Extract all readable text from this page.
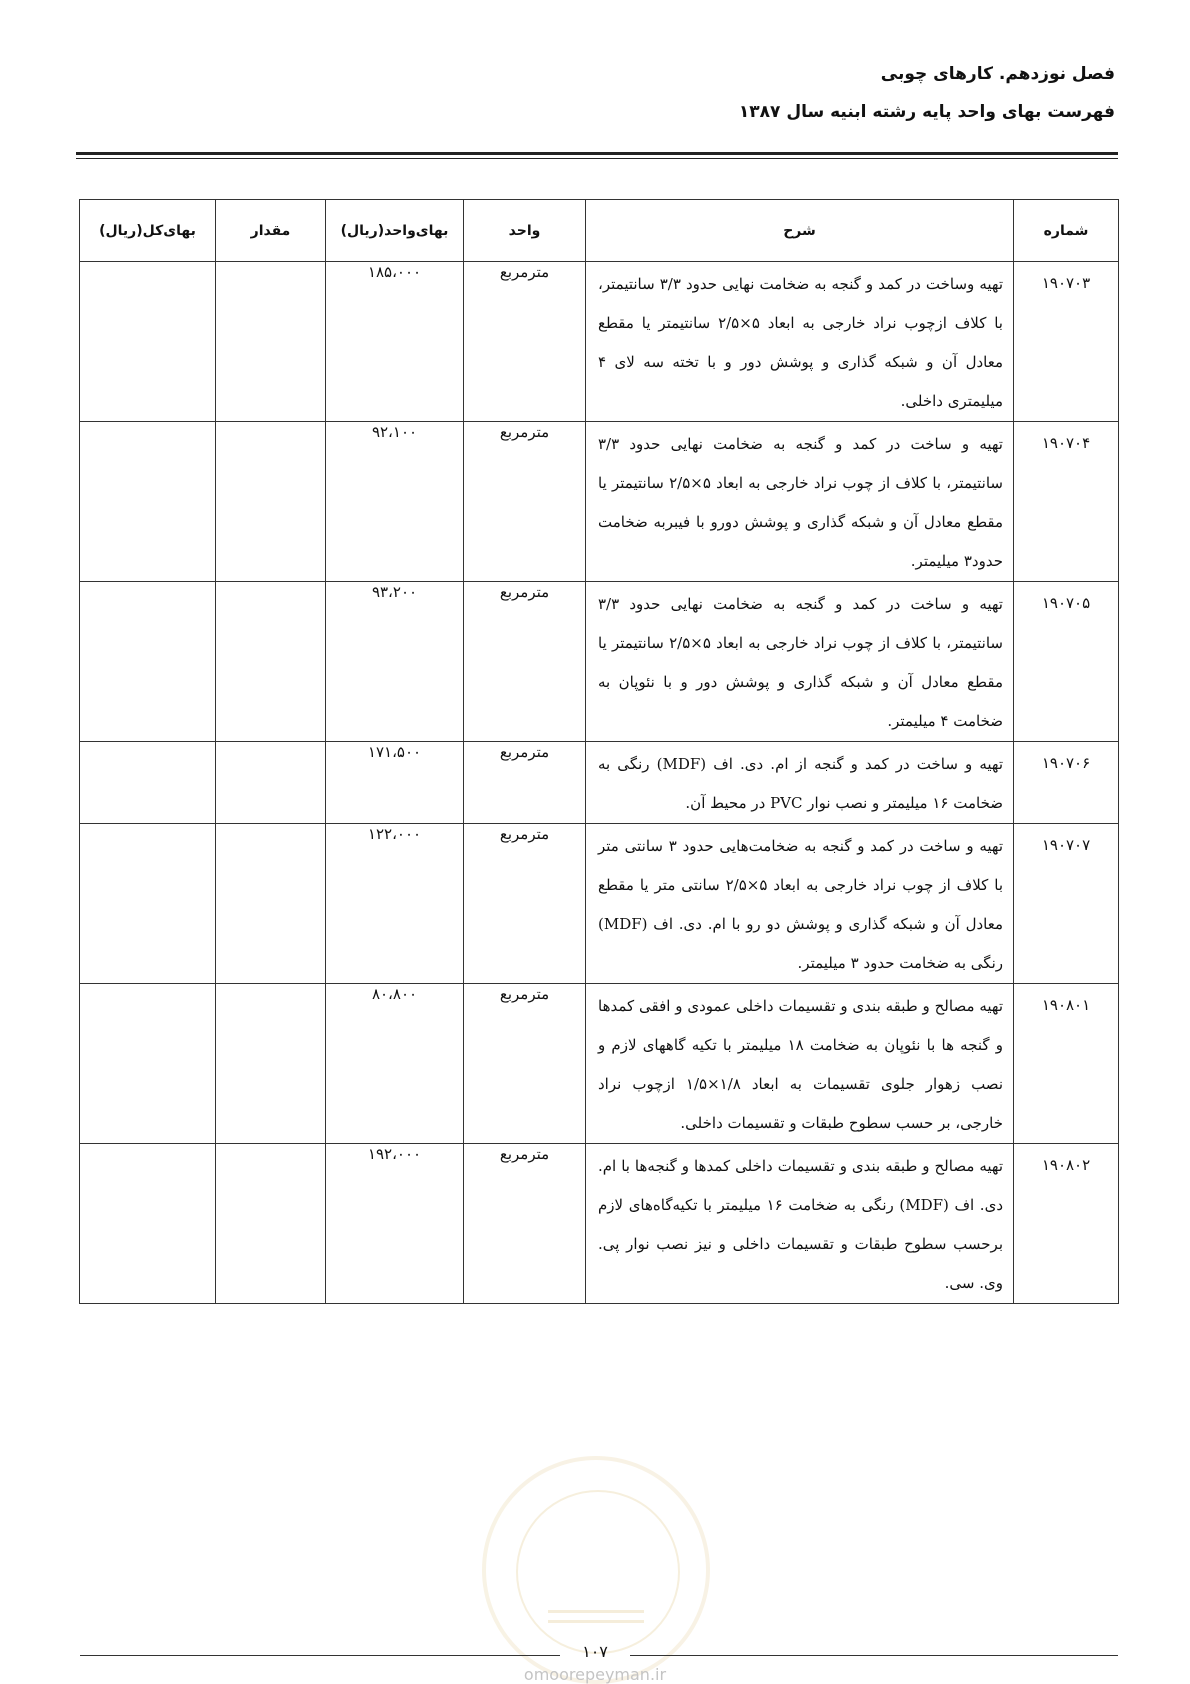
فصل نوزدهم. کارهای چوبی
فهرست بهای واحد پایه رشته ابنیه سال ۱۳۸۷
شماره	شرح	واحد	بهای‌واحد(ریال)	مقدار	بهای‌کل(ریال)
۱۹۰۷۰۳	تهیه وساخت در کمد و گنجه به ضخامت نهایی حدود ۳/۳ سانتیمتر، با کلاف ازچوب نراد خارجی به ابعاد ۵×۲/۵ سانتیمتر یا مقطع معادل آن و شبکه گذاری و پوشش دور و با تخته سه لای ۴ میلیمتری داخلی.	مترمربع	۱۸۵،۰۰۰		
۱۹۰۷۰۴	تهیه و ساخت در کمد و گنجه به ضخامت نهایی حدود ۳/۳ سانتیمتر، با کلاف از چوب نراد خارجی به ابعاد ۵×۲/۵ سانتیمتر یا مقطع معادل آن و شبکه گذاری و پوشش دورو با فیبربه ضخامت حدود۳ میلیمتر.	مترمربع	۹۲،۱۰۰		
۱۹۰۷۰۵	تهیه و ساخت در کمد و گنجه به ضخامت نهایی حدود ۳/۳ سانتیمتر، با کلاف از چوب نراد خارجی به ابعاد ۵×۲/۵ سانتیمتر یا مقطع معادل آن و شبکه گذاری و پوشش دور و با نئوپان به ضخامت ۴ میلیمتر.	مترمربع	۹۳،۲۰۰		
۱۹۰۷۰۶	تهیه و ساخت در کمد و گنجه از ام. دی. اف (MDF) رنگی به ضخامت ۱۶ میلیمتر و نصب نوار PVC در محیط آن.	مترمربع	۱۷۱،۵۰۰		
۱۹۰۷۰۷	تهیه و ساخت در کمد و گنجه به ضخامت‌هایی حدود ۳ سانتی متر با کلاف از چوب نراد خارجی به ابعاد ۵×۲/۵ سانتی متر یا مقطع معادل آن و شبکه گذاری و پوشش دو رو با ام. دی. اف (MDF) رنگی به ضخامت حدود ۳ میلیمتر.	مترمربع	۱۲۲،۰۰۰		
۱۹۰۸۰۱	تهیه مصالح و طبقه بندی و تقسیمات داخلی عمودی و افقی کمدها و گنجه ها با نئوپان به ضخامت ۱۸ میلیمتر با تکیه گاههای لازم و نصب زهوار جلوی تقسیمات به ابعاد ۱/۸×۱/۵ ازچوب نراد خارجی، بر حسب سطوح طبقات و تقسیمات داخلی.	مترمربع	۸۰،۸۰۰		
۱۹۰۸۰۲	تهیه مصالح و طبقه بندی و تقسیمات داخلی کمدها و گنجه‌ها با ام. دی. اف (MDF) رنگی به ضخامت ۱۶ میلیمتر با تکیه‌گاه‌های لازم برحسب سطوح طبقات و تقسیمات داخلی و نیز نصب نوار پی. وی. سی.	مترمربع	۱۹۲،۰۰۰		
۱۰۷
omoorepeyman.ir
